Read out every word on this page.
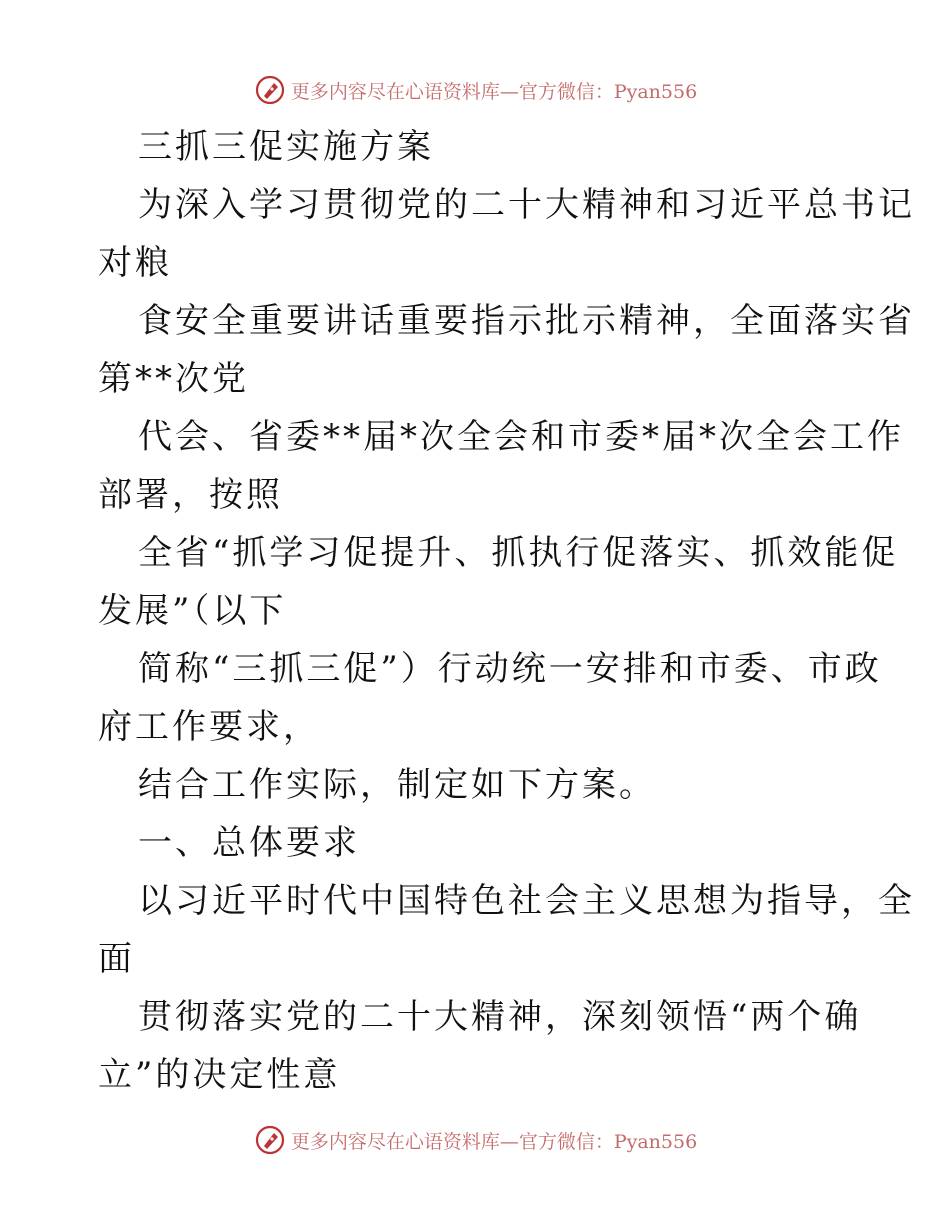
更多内容尽在心语资料库—官方微信：Pyan556
三抓三促实施方案
为深入学习贯彻党的二十大精神和习近平总书记
对粮
食安全重要讲话重要指示批示精神，全面落实省
第**次党
代会、省委**届*次全会和市委*届*次全会工作
部署，按照
全省“抓学习促提升、抓执行促落实、抓效能促
发展”（以下
简称“三抓三促”）行动统一安排和市委、市政
府工作要求，
结合工作实际，制定如下方案。
一、总体要求
以习近平时代中国特色社会主义思想为指导，全
面
贯彻落实党的二十大精神，深刻领悟“两个确
立”的决定性意
更多内容尽在心语资料库—官方微信：Pyan556
